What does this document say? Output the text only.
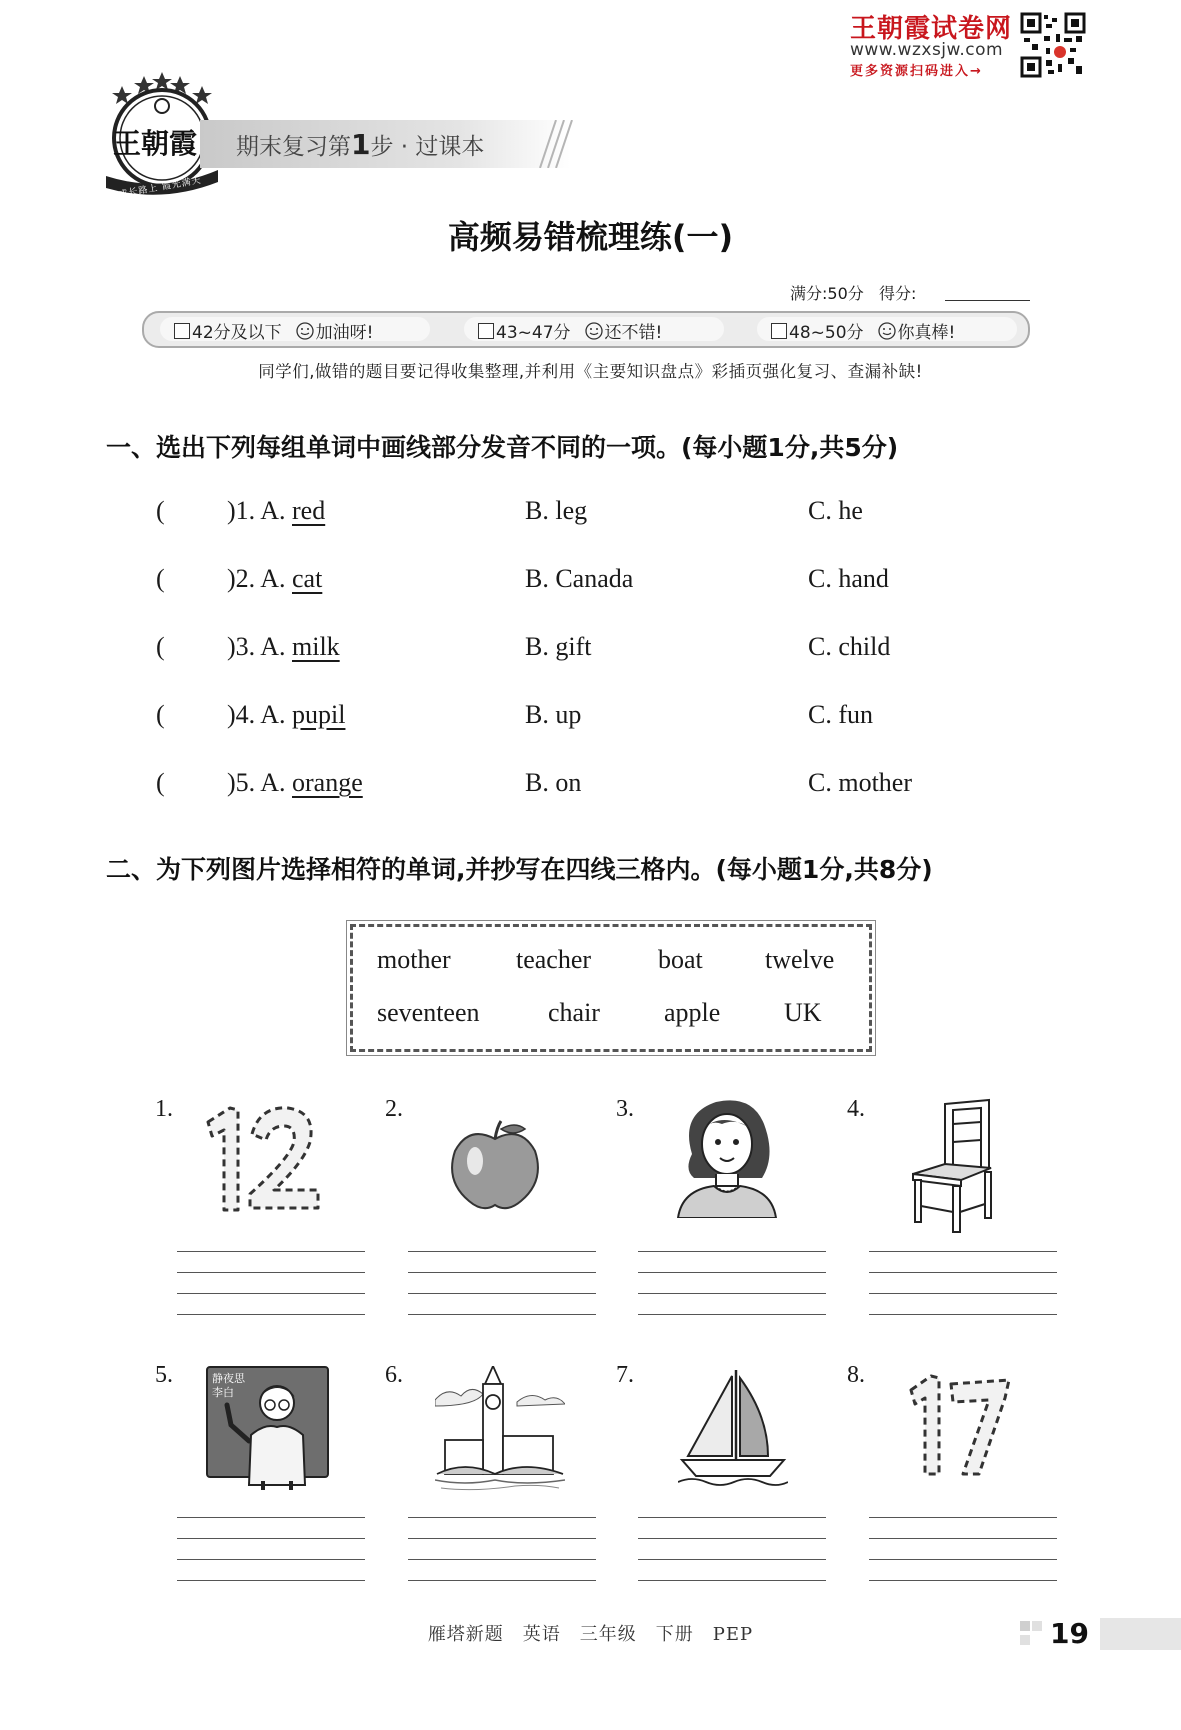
王朝霞试卷网
www.wzxsjw.com
更多资源扫码进入→
王朝霞
成长路上 霞光满天
期末复习第1步 · 过课本
高频易错梳理练(一)
满分:50分 得分:
42分及以下 加油呀!	43~47分 还不错!	48~50分 你真棒!
同学们,做错的题目要记得收集整理,并利用《主要知识盘点》彩插页强化复习、查漏补缺!
一、选出下列每组单词中画线部分发音不同的一项。(每小题1分,共5分)
( )1. A. red	B. leg	C. he
( )2. A. cat	B. Canada	C. hand
( )3. A. milk	B. gift	C. child
( )4. A. pupil	B. up	C. fun
( )5. A. orange	B. on	C. mother
二、为下列图片选择相符的单词,并抄写在四线三格内。(每小题1分,共8分)
mother	teacher	boat twelve
seventeen	chair apple UK
1.	2.	3.	4.
5.	静夜思 李白
6.	7.	8.
雁塔新题　英语　三年级　下册　PEP	19
